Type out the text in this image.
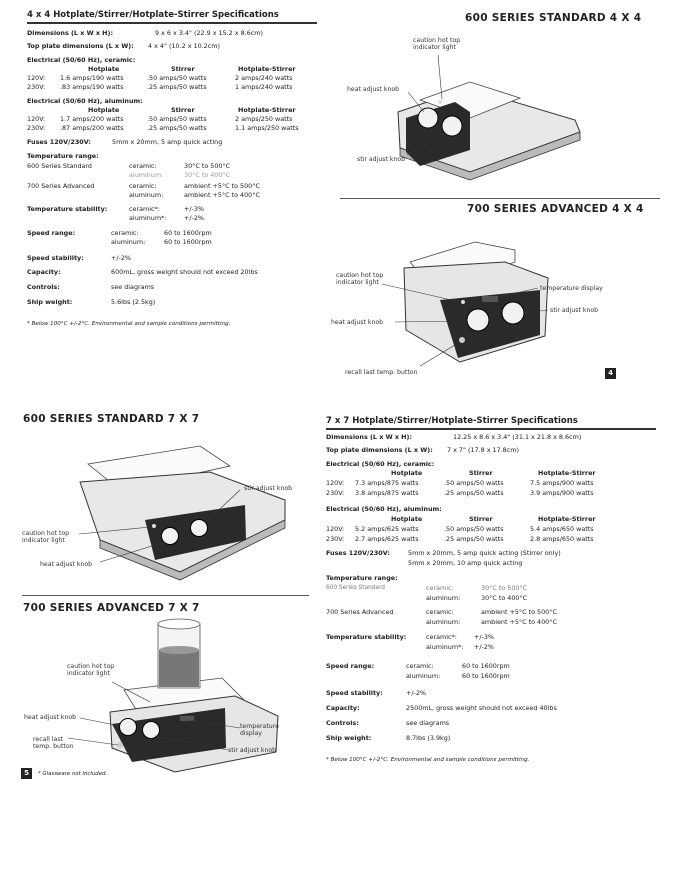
4 x 4 Hotplate/Stirrer/Hotplate-Stirrer Specifications
Dimensions (L x W x H):	9 x 6 x 3.4" (22.9 x 15.2 x 8.6cm)
Top plate dimensions (L x W): 4 x 4" (10.2 x 10.2cm)
Electrical (50/60 Hz), ceramic:
Hotplate	Stirrer	Hotplate-Stirrer
120V: 1.6 amps/190 watts	.50 amps/50 watts	2 amps/240 watts
230V: .83 amps/190 watts	.25 amps/50 watts	1 amps/240 watts
Electrical (50/60 Hz), aluminum:
Hotplate	Stirrer	Hotplate-Stirrer
120V: 1.7 amps/200 watts	.50 amps/50 watts	2 amps/250 watts
230V: .87 amps/200 watts	.25 amps/50 watts	1.1 amps/250 watts
Fuses 120V/230V:	5mm x 20mm, 5 amp quick acting
Temperature range:
600 Series Standard	ceramic:	30°C to 500°C
aluminum:	30°C to 400°C
700 Series Advanced	ceramic:	ambient +5°C to 500°C
aluminum:	ambient +5°C to 400°C
Temperature stability:	ceramic*:	+/-3%
aluminum*:	+/-2%
Speed range:	ceramic:	60 to 1600rpm
aluminum:	60 to 1600rpm
Speed stability:	+/-2%
Capacity:	600mL, gross weight should not exceed 20lbs
Controls:	see diagrams
Ship weight:	5.6lbs (2.5kg)
* Below 100°C +/-2°C. Environmental and sample conditions permitting.
600 SERIES STANDARD 4 X 4
caution hot top
indicator light
heat adjust knob
stir adjust knob
700 SERIES ADVANCED 4 X 4
caution hot top
indicator light
temperature display
stir adjust knob
heat adjust knob
recall last temp. button	4
600 SERIES STANDARD 7 X 7
stir adjust knob
caution hot top
indicator light
heat adjust knob
700 SERIES ADVANCED 7 X 7
caution hot top
indicator light
heat adjust knob
temperature
display
recall last
temp. button
stir adjust knob
5	* Glassware not included.
7 x 7 Hotplate/Stirrer/Hotplate-Stirrer Specifications
Dimensions (L x W x H):	12.25 x 8.6 x 3.4" (31.1 x 21.8 x 8.6cm)
Top plate dimensions (L x W): 7 x 7" (17.8 x 17.8cm)
Electrical (50/60 Hz), ceramic:
Hotplate	Stirrer	Hotplate-Stirrer
120V: 7.3 amps/875 watts	.50 amps/50 watts	7.5 amps/900 watts
230V: 3.8 amps/875 watts	.25 amps/50 watts	3.9 amps/900 watts
Electrical (50/60 Hz), aluminum:
Hotplate	Stirrer	Hotplate-Stirrer
120V: 5.2 amps/625 watts	.50 amps/50 watts	5.4 amps/650 watts
230V: 2.7 amps/625 watts	.25 amps/50 watts	2.8 amps/650 watts
Fuses 120V/230V:	5mm x 20mm, 5 amp quick acting (Stirrer only)
5mm x 20mm, 10 amp quick acting
Temperature range:
600 Series Standard	ceramic:	30°C to 500°C
aluminum:	30°C to 400°C
700 Series Advanced	ceramic:	ambient +5°C to 500°C
aluminum:	ambient +5°C to 400°C
Temperature stability:	ceramic*:	+/-3%
aluminum*: +/-2%
Speed range:	ceramic:	60 to 1600rpm
aluminum:	60 to 1600rpm
Speed stability:	+/-2%
Capacity:	2500mL, gross weight should not exceed 40lbs
Controls:	see diagrams
Ship weight:	8.7lbs (3.9kg)
* Below 100°C +/-2°C. Environmental and sample conditions permitting.
